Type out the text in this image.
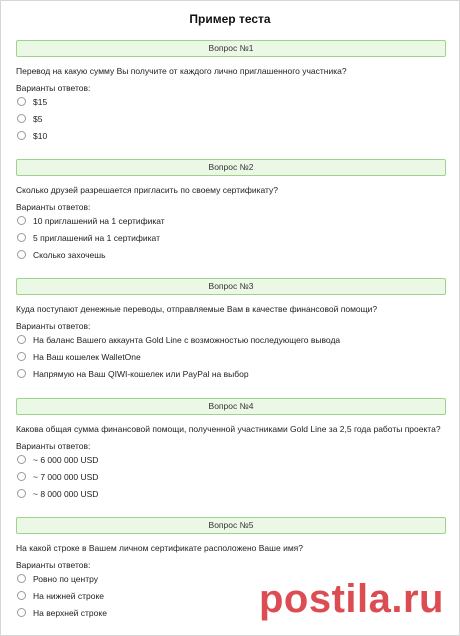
Пример теста
Вопрос №1
Перевод на какую сумму Вы получите от каждого лично приглашенного участника?
Варианты ответов:
$15
$5
$10
Вопрос №2
Сколько друзей разрешается пригласить по своему сертификату?
Варианты ответов:
10 приглашений на 1 сертификат
5 приглашений на 1 сертификат
Сколько захочешь
Вопрос №3
Куда поступают денежные переводы, отправляемые Вам в качестве финансовой помощи?
Варианты ответов:
На баланс Вашего аккаунта Gold Line с возможностью последующего вывода
На Ваш кошелек WalletOne
Напрямую на Ваш QIWI-кошелек или PayPal на выбор
Вопрос №4
Какова общая сумма финансовой помощи, полученной участниками Gold Line за 2,5 года работы проекта?
Варианты ответов:
~ 6 000 000 USD
~ 7 000 000 USD
~ 8 000 000 USD
Вопрос №5
На какой строке в Вашем личном сертификате расположено Ваше имя?
Варианты ответов:
Ровно по центру
На нижней строке
На верхней строке	postila.ru
